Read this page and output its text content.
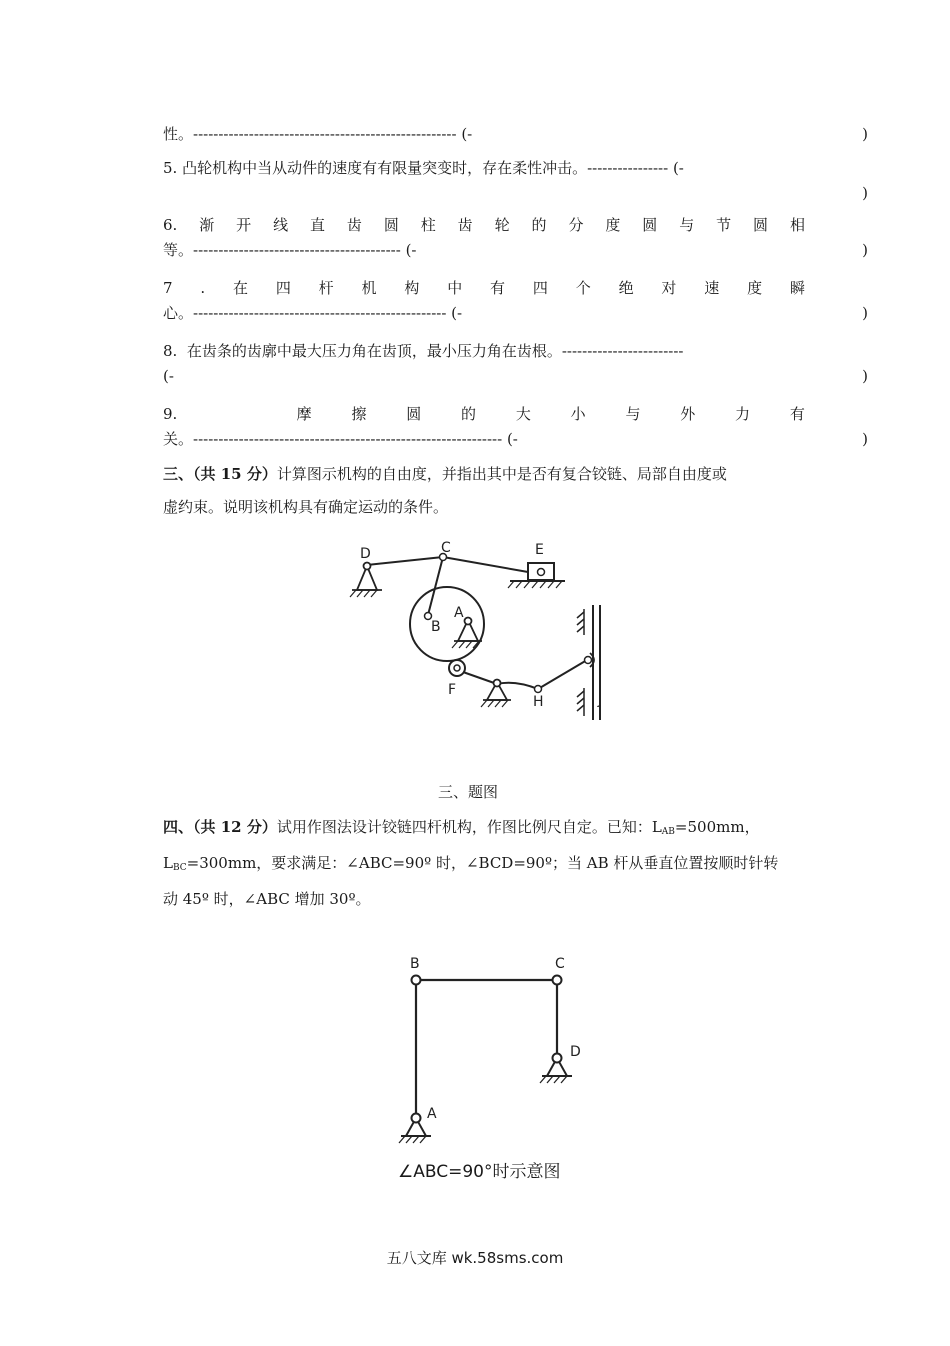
性。---------------------------------------------------- (-	)
5. 凸轮机构中当从动件的速度有有限量突变时，存在柔性冲击。---------------- (-
)
6. 渐 开 线 直 齿 圆 柱 齿 轮 的 分 度 圆 与 节 圆 相
等。----------------------------------------- (-	)
7 . 在 四 杆 机 构 中 有 四 个 绝 对 速 度 瞬
心。-------------------------------------------------- (-	)
8.  在齿条的齿廓中最大压力角在齿顶，最小压力角在齿根。------------------------
(-	)
9.	摩	擦	圆	的	大	小	与	外	力	有
关。------------------------------------------------------------- (-	)
三、（共 15 分）计算图示机构的自由度，并指出其中是否有复合铰链、局部自由度或
虚约束。说明该机构具有确定运动的条件。
D	C	E
B
A
F
H
I
J
三、题图
四、（共 12 分）试用作图法设计铰链四杆机构，作图比例尺自定。已知：$L_{AB}=500mm$，
$L_{BC}=300mm$，要求满足：∠ABC=90º 时，∠BCD=90º；当 AB 杆从垂直位置按顺时针转
动 45º 时，∠ABC 增加 30º。
B	C
D
A
∠ABC=90°时示意图
五八文库 wk.58sms.com
